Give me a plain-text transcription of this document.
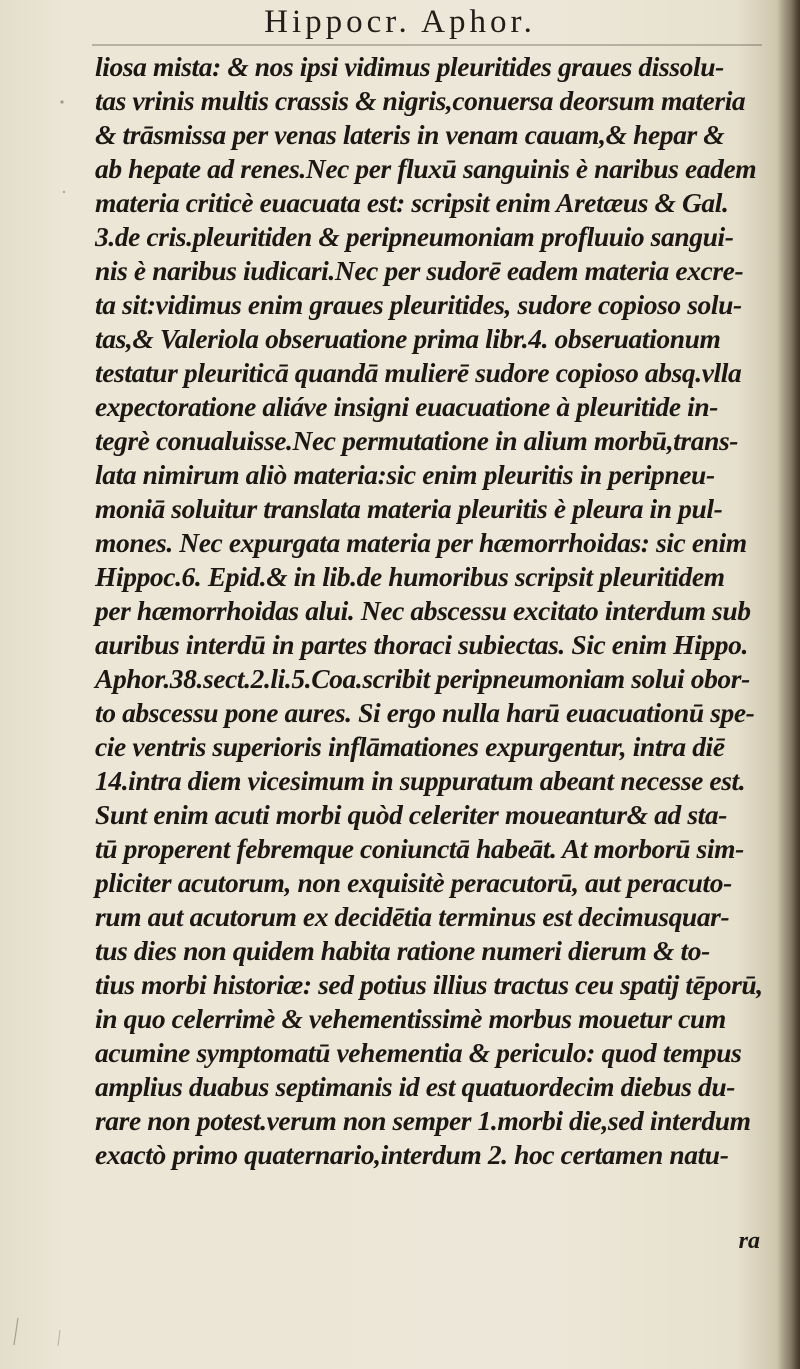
Hippocr. Aphor.
liosa mista: & nos ipsi vidimus pleuritides graues dissolu-
tas vrinis multis crassis & nigris,conuersa deorsum materia
& trāsmissa per venas lateris in venam cauam,& hepar &
ab hepate ad renes.Nec per fluxū sanguinis è naribus eadem
materia criticè euacuata est: scripsit enim Aretæus & Gal.
3.de cris.pleuritiden & peripneumoniam profluuio sangui-
nis è naribus iudicari.Nec per sudorē eadem materia excre-
ta sit:vidimus enim graues pleuritides, sudore copioso solu-
tas,& Valeriola obseruatione prima libr.4. obseruationum
testatur pleuriticā quandā mulierē sudore copioso absq.vlla
expectoratione aliáve insigni euacuatione à pleuritide in-
tegrè conualuisse.Nec permutatione in alium morbū,trans-
lata nimirum aliò materia:sic enim pleuritis in peripneu-
moniā soluitur translata materia pleuritis è pleura in pul-
mones. Nec expurgata materia per hæmorrhoidas: sic enim
Hippoc.6. Epid.& in lib.de humoribus scripsit pleuritidem
per hæmorrhoidas alui. Nec abscessu excitato interdum sub
auribus interdū in partes thoraci subiectas. Sic enim Hippo.
Aphor.38.sect.2.li.5.Coa.scribit peripneumoniam solui obor-
to abscessu pone aures. Si ergo nulla harū euacuationū spe-
cie ventris superioris inflāmationes expurgentur, intra diē
14.intra diem vicesimum in suppuratum abeant necesse est.
Sunt enim acuti morbi quòd celeriter moueantur& ad sta-
tū properent febremque coniunctā habeāt. At morborū sim-
pliciter acutorum, non exquisitè peracutorū, aut peracuto-
rum aut acutorum ex decidētia terminus est decimusquar-
tus dies non quidem habita ratione numeri dierum & to-
tius morbi historiæ: sed potius illius tractus ceu spatij tēporū,
in quo celerrimè & vehementissimè morbus mouetur cum
acumine symptomatū vehementia & periculo: quod tempus
amplius duabus septimanis id est quatuordecim diebus du-
rare non potest.verum non semper 1.morbi die,sed interdum
exactò primo quaternario,interdum 2. hoc certamen natu-
ra
